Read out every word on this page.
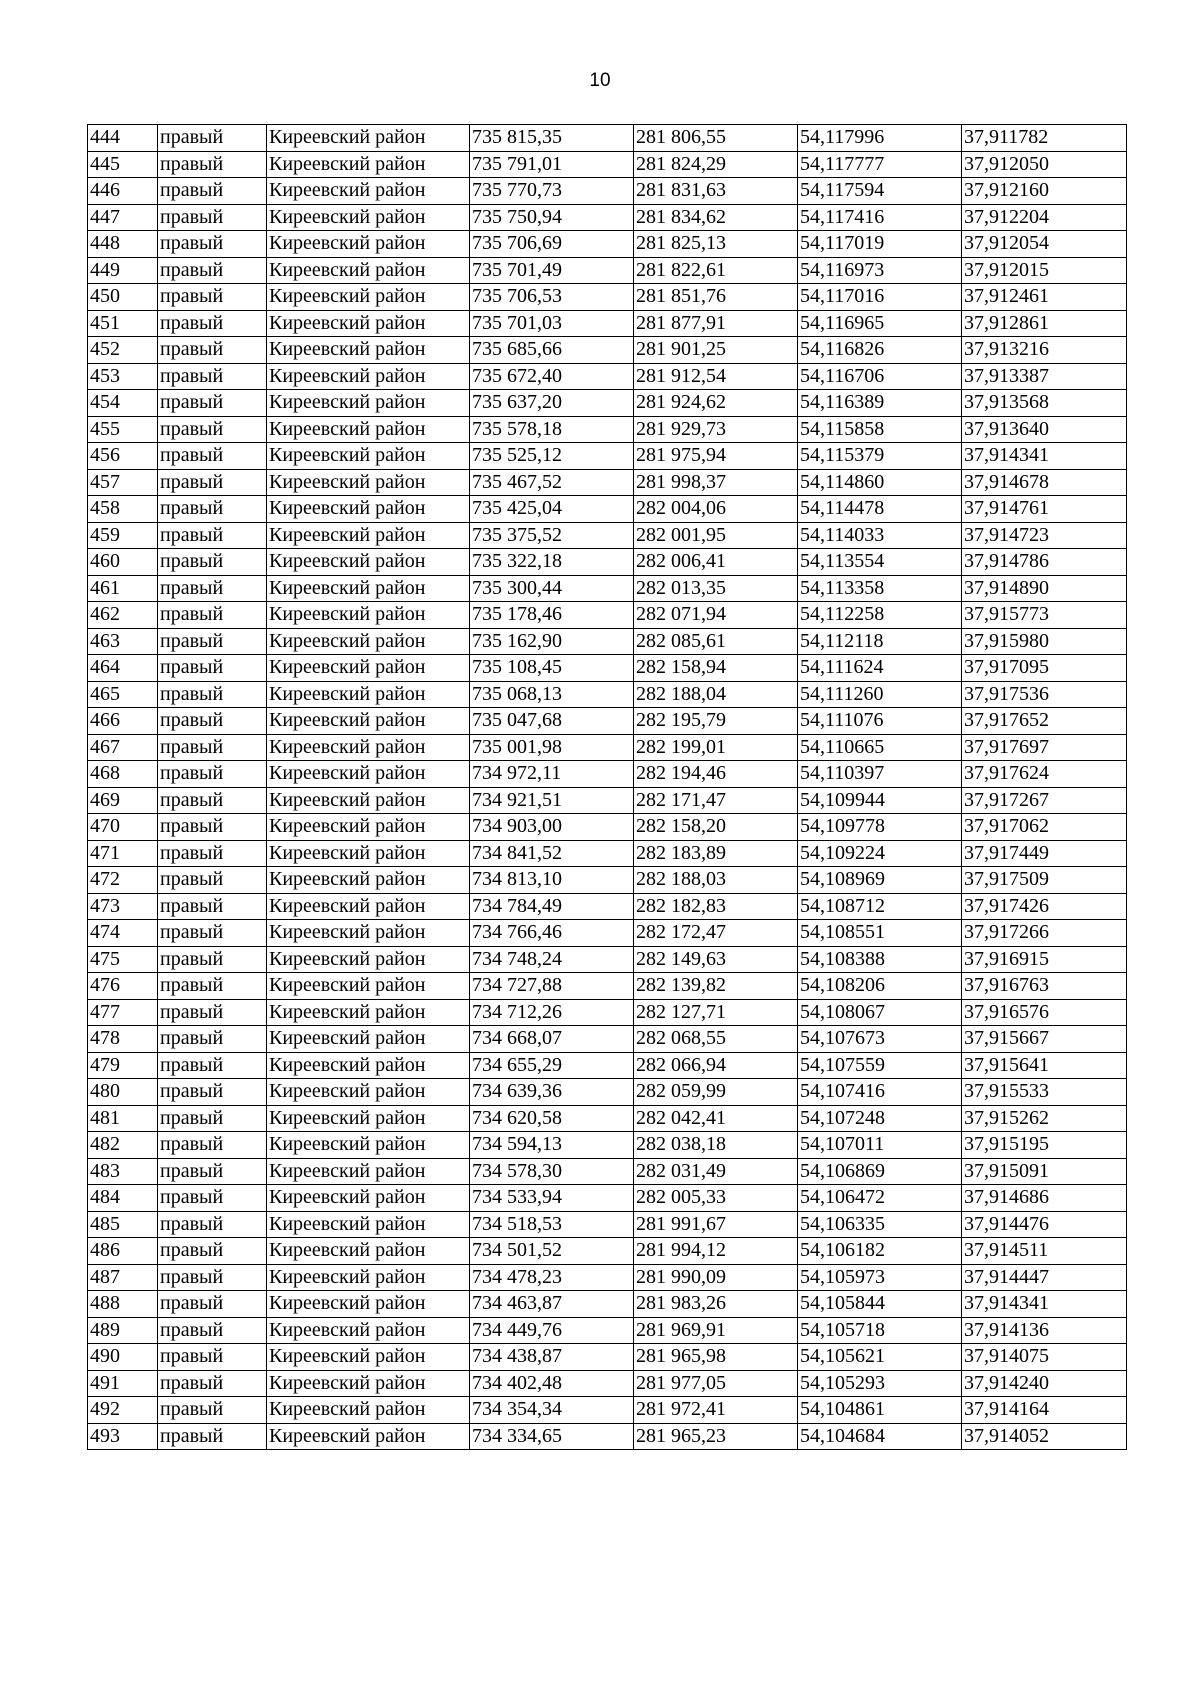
10
444	правый	Киреевский район	735 815,35	281 806,55	54,117996	37,911782
445	правый	Киреевский район	735 791,01	281 824,29	54,117777	37,912050
446	правый	Киреевский район	735 770,73	281 831,63	54,117594	37,912160
447	правый	Киреевский район	735 750,94	281 834,62	54,117416	37,912204
448	правый	Киреевский район	735 706,69	281 825,13	54,117019	37,912054
449	правый	Киреевский район	735 701,49	281 822,61	54,116973	37,912015
450	правый	Киреевский район	735 706,53	281 851,76	54,117016	37,912461
451	правый	Киреевский район	735 701,03	281 877,91	54,116965	37,912861
452	правый	Киреевский район	735 685,66	281 901,25	54,116826	37,913216
453	правый	Киреевский район	735 672,40	281 912,54	54,116706	37,913387
454	правый	Киреевский район	735 637,20	281 924,62	54,116389	37,913568
455	правый	Киреевский район	735 578,18	281 929,73	54,115858	37,913640
456	правый	Киреевский район	735 525,12	281 975,94	54,115379	37,914341
457	правый	Киреевский район	735 467,52	281 998,37	54,114860	37,914678
458	правый	Киреевский район	735 425,04	282 004,06	54,114478	37,914761
459	правый	Киреевский район	735 375,52	282 001,95	54,114033	37,914723
460	правый	Киреевский район	735 322,18	282 006,41	54,113554	37,914786
461	правый	Киреевский район	735 300,44	282 013,35	54,113358	37,914890
462	правый	Киреевский район	735 178,46	282 071,94	54,112258	37,915773
463	правый	Киреевский район	735 162,90	282 085,61	54,112118	37,915980
464	правый	Киреевский район	735 108,45	282 158,94	54,111624	37,917095
465	правый	Киреевский район	735 068,13	282 188,04	54,111260	37,917536
466	правый	Киреевский район	735 047,68	282 195,79	54,111076	37,917652
467	правый	Киреевский район	735 001,98	282 199,01	54,110665	37,917697
468	правый	Киреевский район	734 972,11	282 194,46	54,110397	37,917624
469	правый	Киреевский район	734 921,51	282 171,47	54,109944	37,917267
470	правый	Киреевский район	734 903,00	282 158,20	54,109778	37,917062
471	правый	Киреевский район	734 841,52	282 183,89	54,109224	37,917449
472	правый	Киреевский район	734 813,10	282 188,03	54,108969	37,917509
473	правый	Киреевский район	734 784,49	282 182,83	54,108712	37,917426
474	правый	Киреевский район	734 766,46	282 172,47	54,108551	37,917266
475	правый	Киреевский район	734 748,24	282 149,63	54,108388	37,916915
476	правый	Киреевский район	734 727,88	282 139,82	54,108206	37,916763
477	правый	Киреевский район	734 712,26	282 127,71	54,108067	37,916576
478	правый	Киреевский район	734 668,07	282 068,55	54,107673	37,915667
479	правый	Киреевский район	734 655,29	282 066,94	54,107559	37,915641
480	правый	Киреевский район	734 639,36	282 059,99	54,107416	37,915533
481	правый	Киреевский район	734 620,58	282 042,41	54,107248	37,915262
482	правый	Киреевский район	734 594,13	282 038,18	54,107011	37,915195
483	правый	Киреевский район	734 578,30	282 031,49	54,106869	37,915091
484	правый	Киреевский район	734 533,94	282 005,33	54,106472	37,914686
485	правый	Киреевский район	734 518,53	281 991,67	54,106335	37,914476
486	правый	Киреевский район	734 501,52	281 994,12	54,106182	37,914511
487	правый	Киреевский район	734 478,23	281 990,09	54,105973	37,914447
488	правый	Киреевский район	734 463,87	281 983,26	54,105844	37,914341
489	правый	Киреевский район	734 449,76	281 969,91	54,105718	37,914136
490	правый	Киреевский район	734 438,87	281 965,98	54,105621	37,914075
491	правый	Киреевский район	734 402,48	281 977,05	54,105293	37,914240
492	правый	Киреевский район	734 354,34	281 972,41	54,104861	37,914164
493	правый	Киреевский район	734 334,65	281 965,23	54,104684	37,914052
